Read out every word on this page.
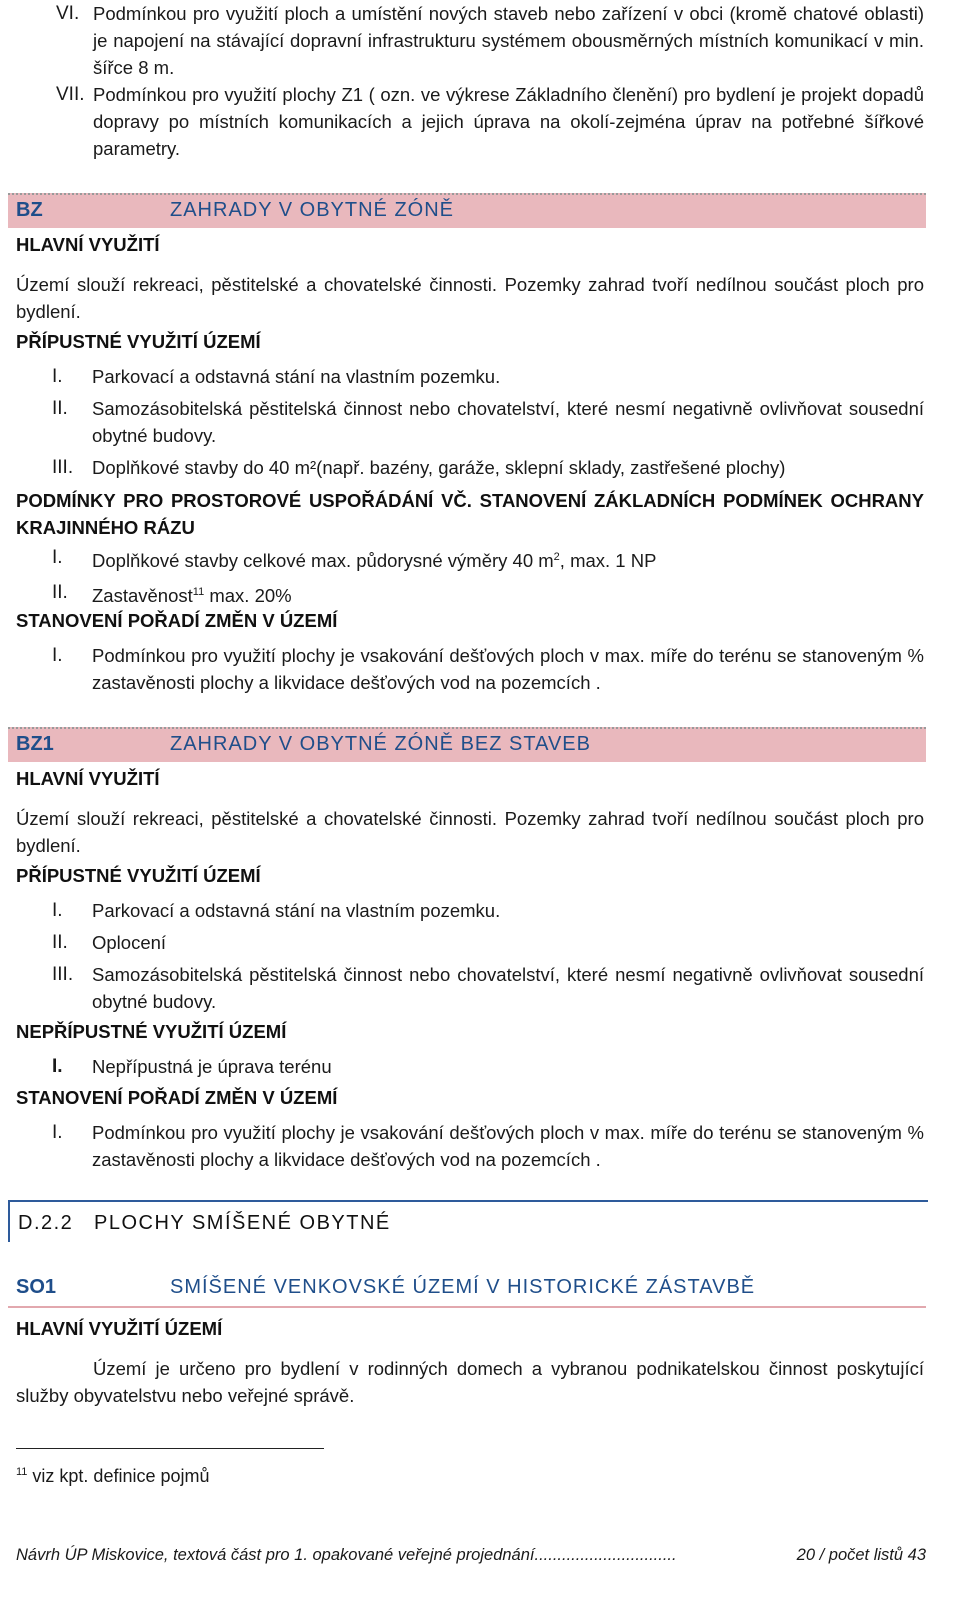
VI. Podmínkou pro využití ploch a umístění nových staveb nebo zařízení v obci (kromě chatové oblasti) je napojení na stávající dopravní infrastrukturu systémem obousměrných místních komunikací v min. šířce 8 m.
VII. Podmínkou pro využití plochy Z1 ( ozn. ve výkrese Základního členění) pro bydlení je projekt dopadů dopravy po místních komunikacích a jejich úprava na okolí-zejména úprav na potřebné šířkové parametry.
BZ	ZAHRADY V OBYTNÉ ZÓNĚ
HLAVNÍ VYUŽITÍ
Území slouží rekreaci, pěstitelské a chovatelské činnosti. Pozemky zahrad tvoří nedílnou součást ploch pro bydlení.
PŘÍPUSTNÉ VYUŽITÍ ÚZEMÍ
I.	Parkovací a odstavná stání na vlastním pozemku.
II.	Samozásobitelská pěstitelská činnost nebo chovatelství, které nesmí negativně ovlivňovat sousední obytné budovy.
III.	Doplňkové stavby do 40 m²(např. bazény, garáže, sklepní sklady, zastřešené plochy)
PODMÍNKY PRO PROSTOROVÉ USPOŘÁDÁNÍ VČ. STANOVENÍ ZÁKLADNÍCH PODMÍNEK OCHRANY KRAJINNÉHO RÁZU
I.	Doplňkové stavby celkové max. půdorysné výměry 40 $m^2$, max. 1 NP
II.	Zastavěnost$^{11}$ max. 20%
STANOVENÍ POŘADÍ ZMĚN V ÚZEMÍ
I.	Podmínkou pro využití plochy je vsakování dešťových ploch v max. míře do terénu se stanoveným % zastavěnosti plochy a likvidace dešťových vod na pozemcích .
BZ1	ZAHRADY V OBYTNÉ ZÓNĚ BEZ STAVEB
HLAVNÍ VYUŽITÍ
Území slouží rekreaci, pěstitelské a chovatelské činnosti. Pozemky zahrad tvoří nedílnou součást ploch pro bydlení.
PŘÍPUSTNÉ VYUŽITÍ ÚZEMÍ
I.	Parkovací a odstavná stání na vlastním pozemku.
II.	Oplocení
III.	Samozásobitelská pěstitelská činnost nebo chovatelství, které nesmí negativně ovlivňovat sousední obytné budovy.
NEPŘÍPUSTNÉ VYUŽITÍ ÚZEMÍ
I.	Nepřípustná je úprava terénu
STANOVENÍ POŘADÍ ZMĚN V ÚZEMÍ
I.	Podmínkou pro využití plochy je vsakování dešťových ploch v max. míře do terénu se stanoveným % zastavěnosti plochy a likvidace dešťových vod na pozemcích .
D.2.2 PLOCHY SMÍŠENÉ OBYTNÉ
SO1	SMÍŠENÉ VENKOVSKÉ ÚZEMÍ V HISTORICKÉ ZÁSTAVBĚ
HLAVNÍ VYUŽITÍ ÚZEMÍ
Území je určeno pro bydlení v rodinných domech a vybranou podnikatelskou činnost poskytující služby obyvatelstvu nebo veřejné správě.
$^{11}$ viz kpt. definice pojmů
Návrh ÚP Miskovice, textová část pro 1. opakované veřejné projednání...............................	20 / počet listů 43
